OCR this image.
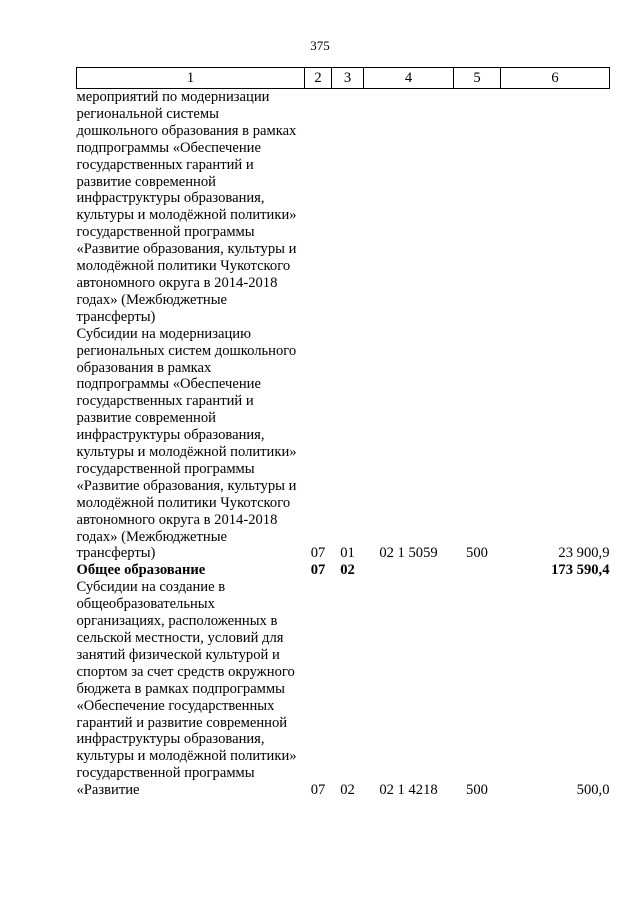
375
1	2	3	4	5	6
мероприятий по модернизации региональной системы дошкольного образования в рамках подпрограммы «Обеспечение государственных гарантий и развитие современной инфраструктуры образования, культуры и молодёжной политики» государственной программы «Развитие образования, культуры и молодёжной политики Чукотского автономного округа в 2014-2018 годах» (Межбюджетные трансферты)					
Субсидии на модернизацию региональных систем дошкольного образования в рамках подпрограммы «Обеспечение государственных гарантий и развитие современной инфраструктуры образования, культуры и молодёжной политики» государственной программы «Развитие образования, культуры и молодёжной политики Чукотского автономного округа в 2014-2018 годах» (Межбюджетные трансферты)	07	01	02 1 5059	500	23 900,9
Общее образование	07	02			173 590,4
Субсидии на создание в общеобразовательных организациях, расположенных в сельской местности, условий для занятий физической культурой и спортом за счет средств окружного бюджета в рамках подпрограммы «Обеспечение государственных гарантий и развитие современной инфраструктуры образования, культуры и молодёжной политики» государственной программы «Развитие	07	02	02 1 4218	500	500,0
